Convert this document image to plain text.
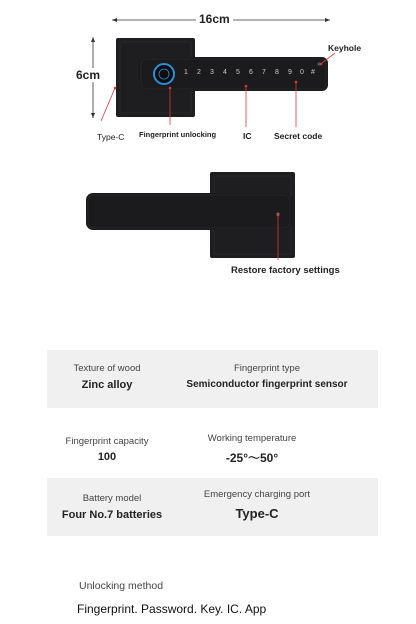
1 2 3 4 5 6 7 8 9 0 #
16cm
6cm
Keyhole
Type-C Fingerprint unlocking	IC	Secret code
Restore factory settings
Texture of wood
Zinc alloy
Fingerprint type
Semiconductor fingerprint sensor
Fingerprint capacity
100
Working temperature
-25°～50°
Battery model
Four No.7 batteries
Emergency charging port
Type-C
Unlocking method
Fingerprint. Password. Key. IC. App
